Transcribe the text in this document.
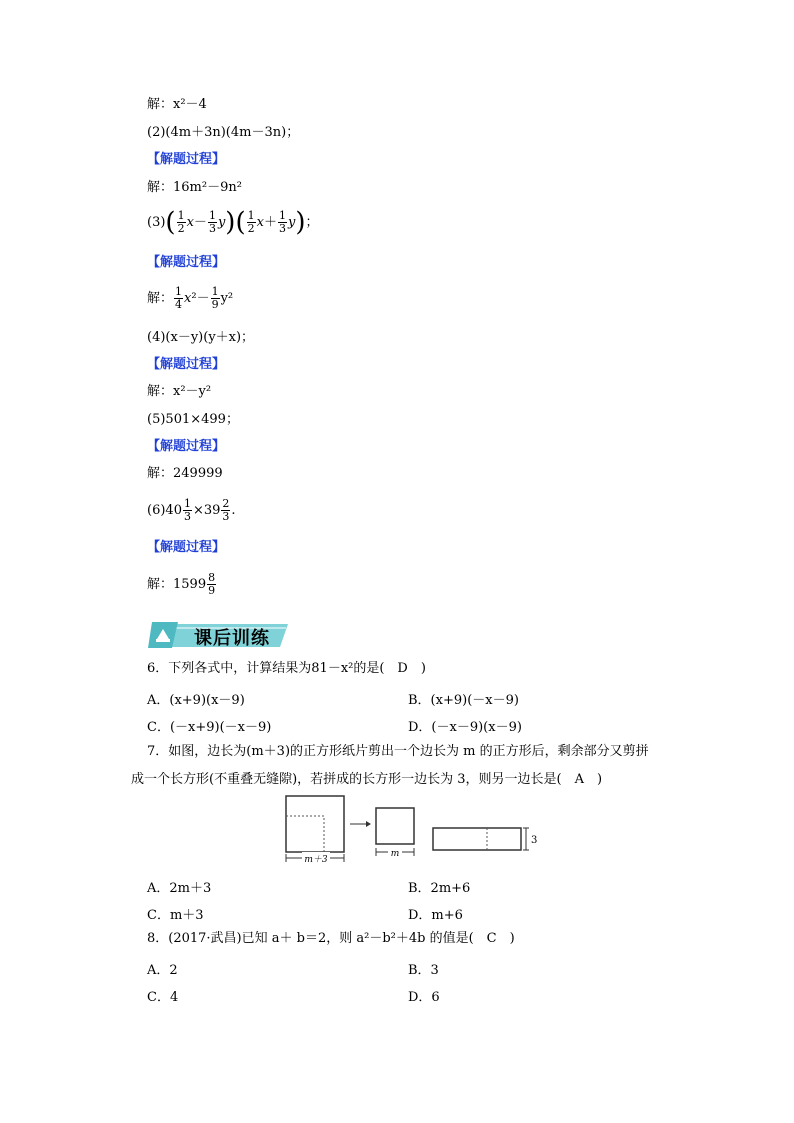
解：x²－4
(2)(4m＋3n)(4m－3n)；
【解题过程】
解：16m²－9n²
$(3)( \frac{1}{2} x- \frac{1}{3} y)( \frac{1}{2} x+ \frac{1}{3} y)$；
【解题过程】
解： $\frac{1}{4} x^2- \frac{1}{9} y^2$
(4)(x－y)(y＋x)；
【解题过程】
解：x²－y²
(5)501×499；
【解题过程】
解：249999
$(6)40 \frac{1}{3} \times 39 \frac{2}{3}$ .
【解题过程】
解：$1599 \frac{8}{9}$
课后训练
6．下列各式中，计算结果为81－x²的是(　D　)
A．(x+9)(x－9)	B．(x+9)(－x－9)
C．(－x+9)(－x－9)	D．(－x－9)(x－9)
7．如图，边长为(m＋3)的正方形纸片剪出一个边长为 m 的正方形后，剩余部分又剪拼
成一个长方形(不重叠无缝隙)，若拼成的长方形一边长为 3，则另一边长是(　A　)
m＋3
m
3
A．2m＋3	B．2m+6
C．m＋3	D．m+6
8．(2017·武昌)已知 a＋ b＝2，则 a²－b²＋4b 的值是(　C　)
A．2	B．3
C．4	D．6
